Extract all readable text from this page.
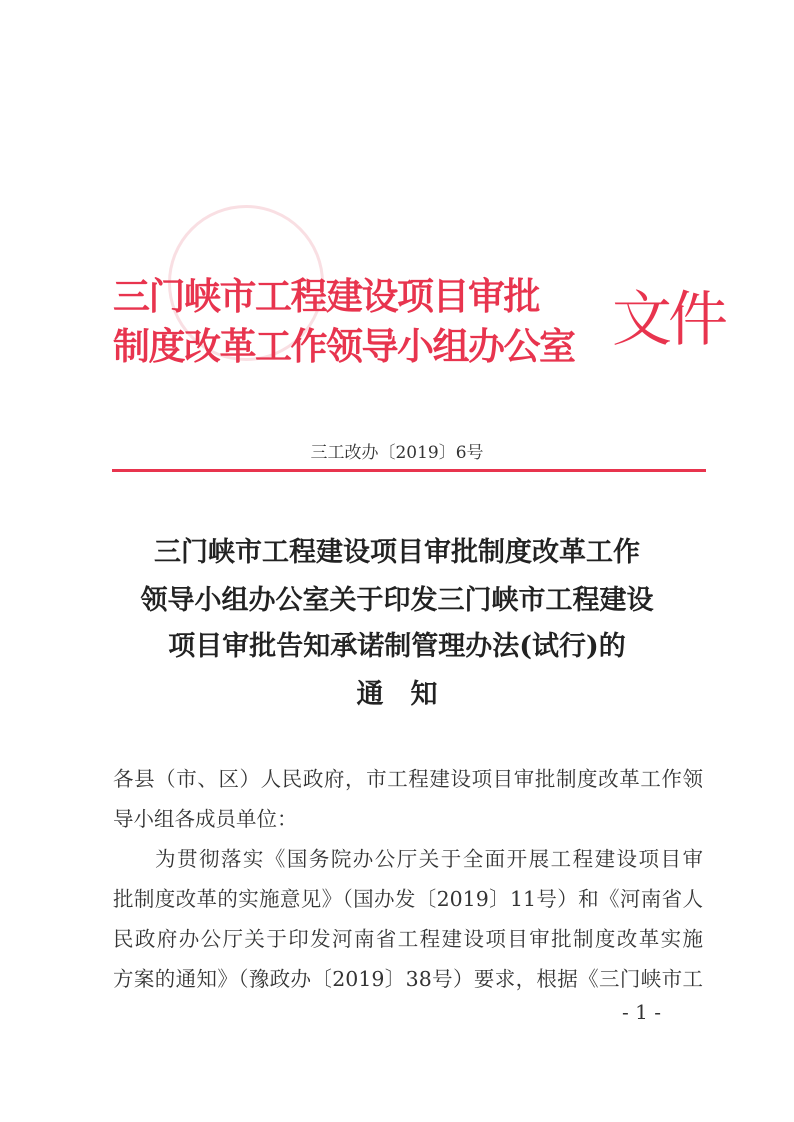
三门峡市工程建设项目审批
制度改革工作领导小组办公室 文件
三工改办〔2019〕6号
三门峡市工程建设项目审批制度改革工作
领导小组办公室关于印发三门峡市工程建设
项目审批告知承诺制管理办法(试行)的
通　知
各县（市、区）人民政府，市工程建设项目审批制度改革工作领
导小组各成员单位：
为贯彻落实《国务院办公厅关于全面开展工程建设项目审
批制度改革的实施意见》（国办发〔2019〕11号）和《河南省人
民政府办公厅关于印发河南省工程建设项目审批制度改革实施
方案的通知》（豫政办〔2019〕38号）要求，根据《三门峡市工
- 1 -
